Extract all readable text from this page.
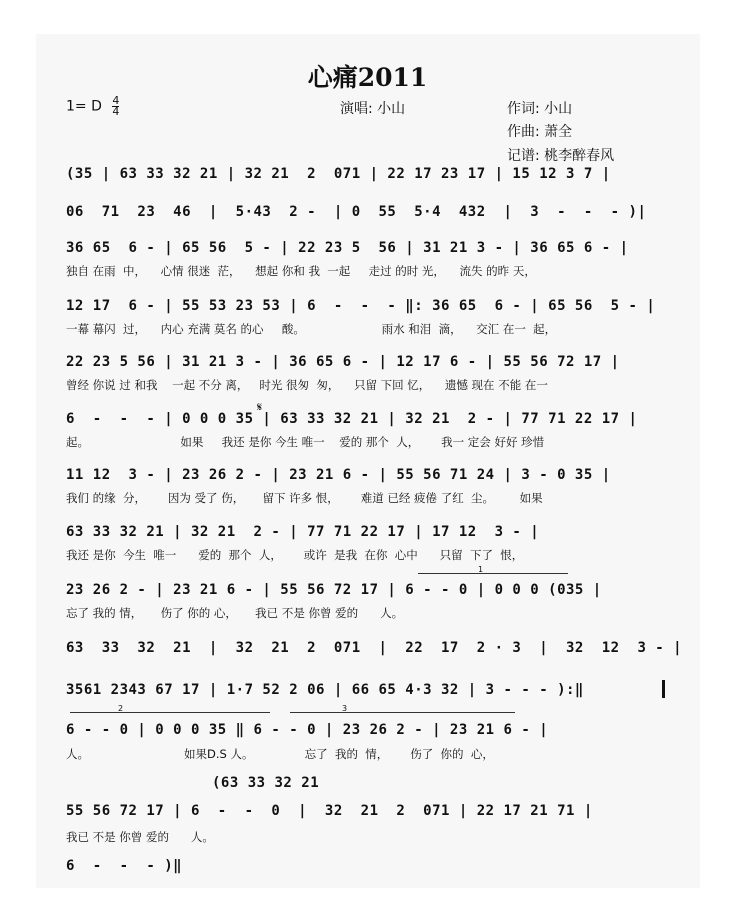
心痛2011
1= D $\frac{4}{4}$	演唱: 小山	作词: 小山
作曲: 萧全
记谱: 桃李醉春风
(35 | 63 33 32 21 | 32 21  2  071 | 22 17 23 17 | 15 12 3 7 |
06  71  23  46  |  5·43  2 -  | 0  55  5·4  432  |  3  -  -  - )|
36 65  6 - | 65 56  5 - | 22 23 5  56 | 31 21 3 - | 36 65 6 - |
独自 在雨  中，    心情 很迷  茫，    想起 你和 我  一起     走过 的时 光，    流失 的昨 天，
12 17  6 - | 55 53 23 53 | 6  -  -  - ‖: 36 65  6 - | 65 56  5 - |
一幕 幕闪  过，    内心 充满 莫名 的心     酸。                     雨水 和泪  滴，    交汇 在一  起，
22 23 5 56 | 31 21 3 - | 36 65 6 - | 12 17 6 - | 55 56 72 17 |
曾经 你说 过 和我    一起 不分 离，   时光 很匆  匆，    只留 下回 忆，    遗憾 现在 不能 在一
𝄋
6  -  -  - | 0 0 0 35 | 63 33 32 21 | 32 21  2 - | 77 71 22 17 |
起。                         如果     我还 是你 今生 唯一    爱的 那个  人，      我一 定会 好好 珍惜
11 12  3 - | 23 26 2 - | 23 21 6 - | 55 56 71 24 | 3 - 0 35 |
我们 的缘  分，      因为 受了 伤，     留下 许多 恨，      难道 已经 疲倦 了红  尘。       如果
63 33 32 21 | 32 21  2 - | 77 71 22 17 | 17 12  3 - |
我还 是你  今生  唯一      爱的  那个  人，      或许  是我  在你  心中      只留  下了  恨，
1
23 26 2 - | 23 21 6 - | 55 56 72 17 | 6 - - 0 | 0 0 0 (035 |
忘了 我的 情，     伤了 你的 心，     我已 不是 你曾 爱的      人。
63  33  32  21  |  32  21  2  071  |  22  17  2 · 3  |  32  12  3 - |
3561 2343 67 17 | 1·7 52 2 06 | 66 65 4·3 32 | 3 - - - ):‖
2	3
6 - - 0 | 0 0 0 35 ‖ 6 - - 0 | 23 26 2 - | 23 21 6 - |
人。                          如果D.S 人。              忘了  我的  情，      伤了  你的  心，
(63 33 32 21
55 56 72 17 | 6  -  -  0  |  32  21  2  071 | 22 17 21 71 |
我已 不是 你曾 爱的      人。
6  -  -  - )‖
